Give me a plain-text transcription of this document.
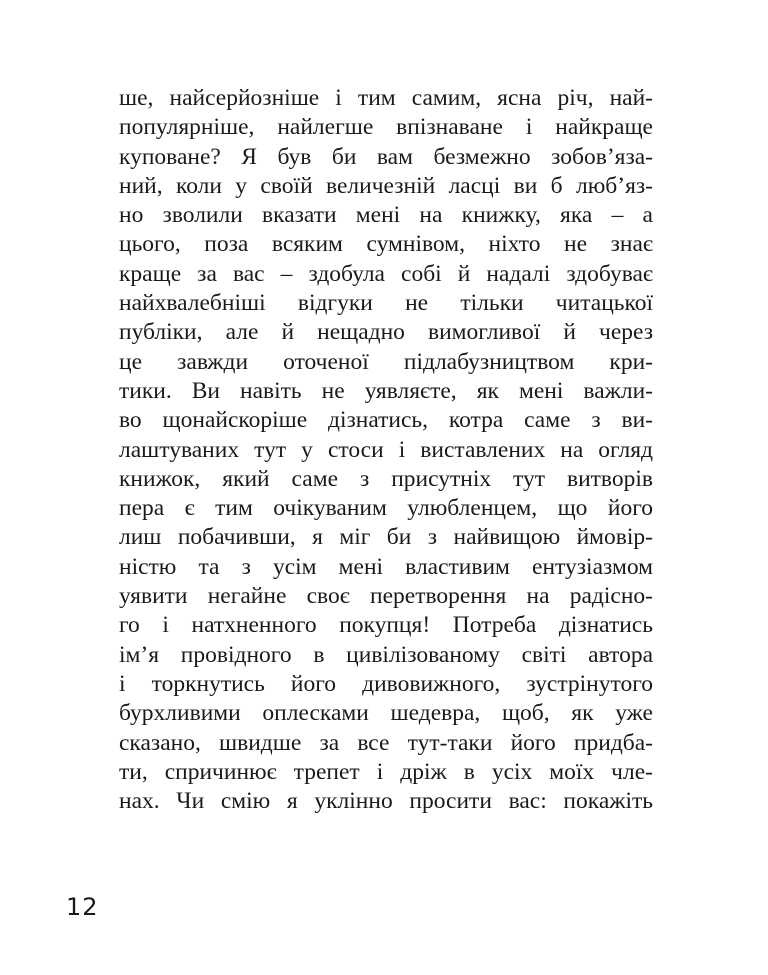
ше, найсерйозніше і тим самим, ясна річ, най-
популярніше, найлегше впізнаване і найкраще
куповане? Я був би вам безмежно зобов’яза-
ний, коли у своїй величезній ласці ви б люб’яз-
но зволили вказати мені на книжку, яка – а
цього, поза всяким сумнівом, ніхто не знає
краще за вас – здобула собі й надалі здобуває
найхвалебніші відгуки не тільки читацької
публіки, але й нещадно вимогливої й через
це завжди оточеної підлабузництвом кри-
тики. Ви навіть не уявляєте, як мені важли-
во щонайскоріше дізнатись, котра саме з ви-
лаштуваних тут у стоси і виставлених на огляд
книжок, який саме з присутніх тут витворів
пера є тим очікуваним улюбленцем, що його
лиш побачивши, я міг би з найвищою ймовір-
ністю та з усім мені властивим ентузіазмом
уявити негайне своє перетворення на радісно-
го і натхненного покупця! Потреба дізнатись
ім’я провідного в цивілізованому світі автора
і торкнутись його дивовижного, зустрінутого
бурхливими оплесками шедевра, щоб, як уже
сказано, швидше за все тут-таки його придба-
ти, спричинює трепет і дріж в усіх моїх чле-
нах. Чи смію я уклінно просити вас: покажіть
12
